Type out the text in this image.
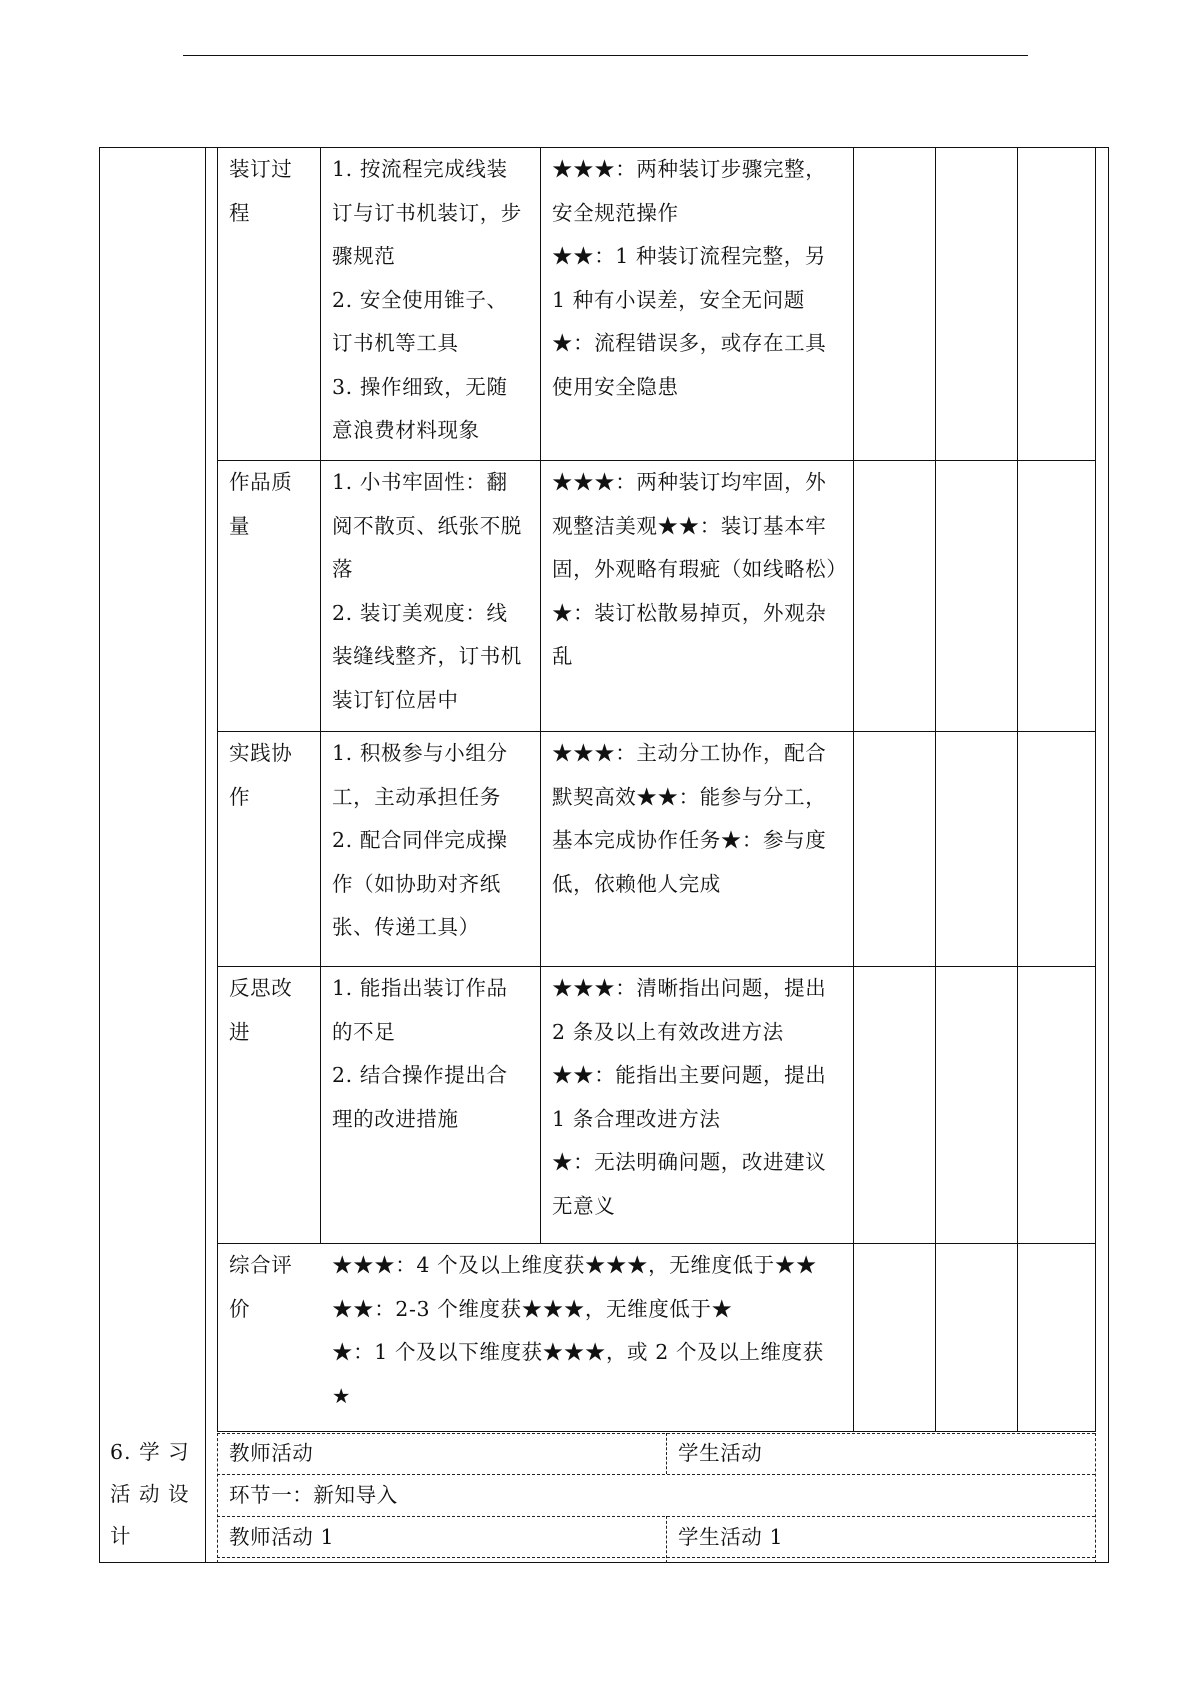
装订过
程
1. 按流程完成线装
订与订书机装订，步
骤规范
2. 安全使用锥子、
订书机等工具
3. 操作细致，无随
意浪费材料现象
★★★：两种装订步骤完整，
安全规范操作
★★：1 种装订流程完整，另
1 种有小误差，安全无问题
★：流程错误多，或存在工具
使用安全隐患
作品质
量
1. 小书牢固性：翻
阅不散页、纸张不脱
落
2. 装订美观度：线
装缝线整齐，订书机
装订钉位居中
★★★：两种装订均牢固，外
观整洁美观★★：装订基本牢
固，外观略有瑕疵（如线略松）
★：装订松散易掉页，外观杂
乱
实践协
作
1. 积极参与小组分
工，主动承担任务
2. 配合同伴完成操
作（如协助对齐纸
张、传递工具）
★★★：主动分工协作，配合
默契高效★★：能参与分工，
基本完成协作任务★：参与度
低，依赖他人完成
反思改
进
1. 能指出装订作品
的不足
2. 结合操作提出合
理的改进措施
★★★：清晰指出问题，提出
2 条及以上有效改进方法
★★：能指出主要问题，提出
1 条合理改进方法
★：无法明确问题，改进建议
无意义
综合评
价
★★★：4 个及以上维度获★★★，无维度低于★★
★★：2-3 个维度获★★★，无维度低于★
★：1 个及以下维度获★★★，或 2 个及以上维度获
★
6. 学 习
活 动 设
计
教师活动	学生活动
环节一：新知导入
教师活动 1	学生活动 1
